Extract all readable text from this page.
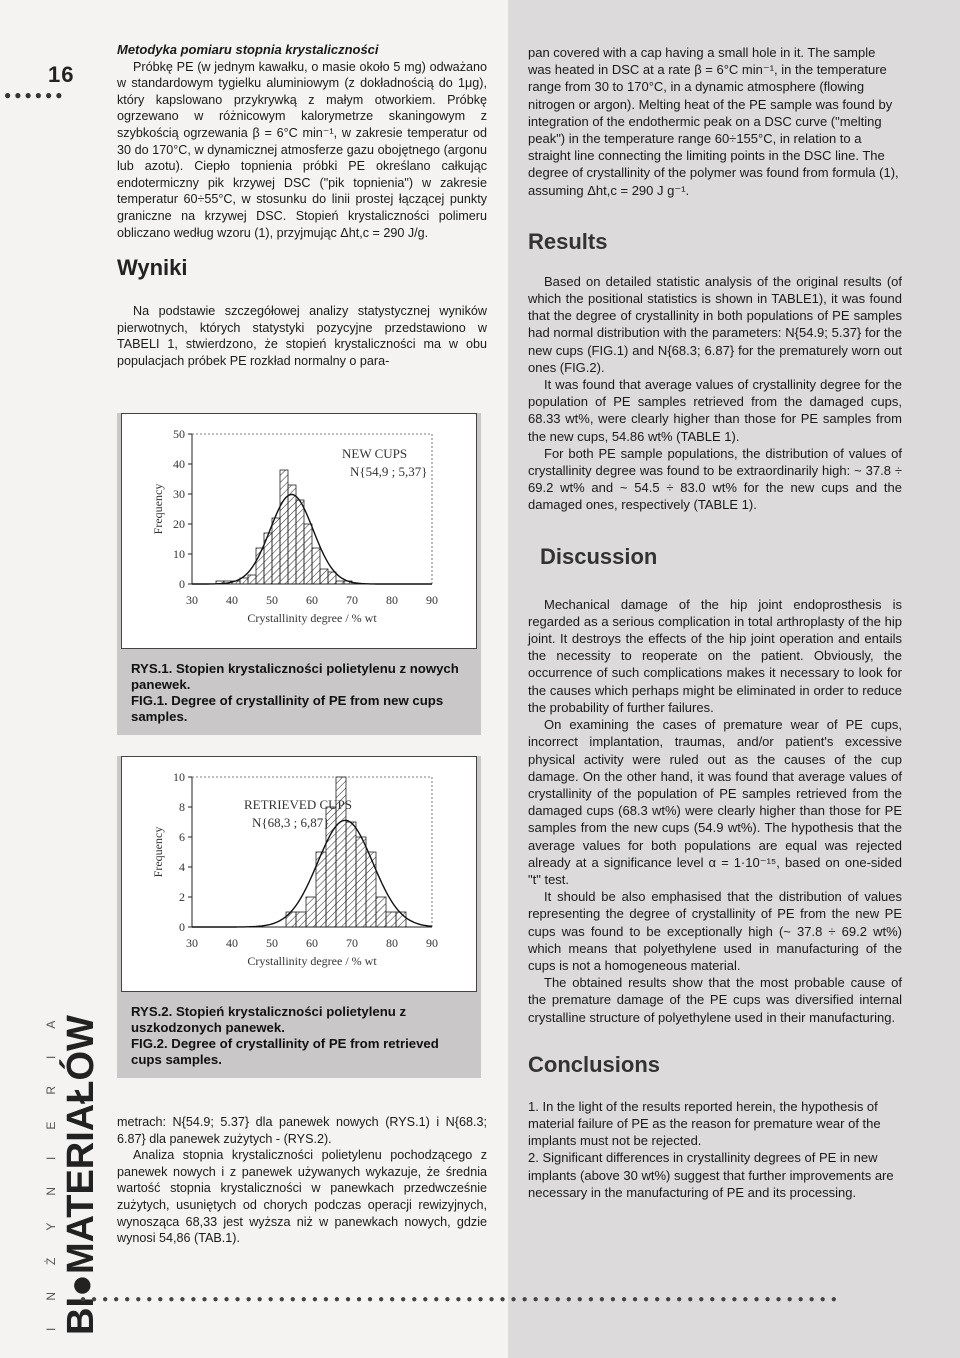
16
●●●●●●
INŻYNIERIA BI●MATERIAŁÓW
●●●●●●●●●●●●●●●●●●●●●●●●●●●●●●●●●●●●●●●●●●●●●●●●●●●●●●●●●●●●●●●●●●●●●

Metodyka pomiaru stopnia krystaliczności

Próbkę PE (w jednym kawałku, o masie około 5 mg) odważano w standardowym tygielku aluminiowym (z dokładnością do 1μg), który kapslowano przykrywką z małym otworkiem. Próbkę ogrzewano w różnicowym kalorymetrze skaningowym z szybkością ogrzewania β = 6°C min⁻¹, w zakresie temperatur od 30 do 170°C, w dynamicznej atmosferze gazu obojętnego (argonu lub azotu). Ciepło topnienia próbki PE określano całkując endotermiczny pik krzywej DSC ("pik topnienia") w zakresie temperatur 60÷55°C, w stosunku do linii prostej łączącej punkty graniczne na krzywej DSC. Stopień krystaliczności polimeru obliczano według wzoru (1), przyjmując Δht,c = 290 J/g.

Wyniki

Na podstawie szczegółowej analizy statystycznej wyników pierwotnych, których statystyki pozycyjne przedstawiono w TABELI 1, stwierdzono, że stopień krystaliczności ma w obu populacjach próbek PE rozkład normalny o para-

0
10
20
30
40
50
30 40 50 60 70 80 90
Crystallinity degree / % wt
Frequency
NEW CUPS
N{54,9 ; 5,37}
RYS.1. Stopien krystaliczności polietylenu z nowych panewek.
FIG.1. Degree of crystallinity of PE from new cups samples.
0
2
4
6
8
10
30 40 50 60 70 80 90
Crystallinity degree / % wt
Frequency
RETRIEVED CUPS
N{68,3 ; 6,87}
RYS.2. Stopień krystaliczności polietylenu z uszkodzonych panewek.
FIG.2. Degree of crystallinity of PE from retrieved cups samples.

metrach: N{54.9; 5.37} dla panewek nowych (RYS.1) i N{68.3; 6.87} dla panewek zużytych - (RYS.2).

Analiza stopnia krystaliczności polietylenu pochodzącego z panewek nowych i z panewek używanych wykazuje, że średnia wartość stopnia krystaliczności w panewkach przedwcześnie zużytych, usuniętych od chorych podczas operacji rewizyjnych, wynosząca 68,33 jest wyższa niż w panewkach nowych, gdzie wynosi 54,86 (TAB.1).

pan covered with a cap having a small hole in it. The sample was heated in DSC at a rate β = 6°C min⁻¹, in the temperature range from 30 to 170°C, in a dynamic atmosphere (flowing nitrogen or argon). Melting heat of the PE sample was found by integration of the endothermic peak on a DSC curve ("melting peak") in the temperature range 60÷155°C, in relation to a straight line connecting the limiting points in the DSC line. The degree of crystallinity of the polymer was found from formula (1), assuming Δht,c = 290 J g⁻¹.

Results

Based on detailed statistic analysis of the original results (of which the positional statistics is shown in TABLE1), it was found that the degree of crystallinity in both populations of PE samples had normal distribution with the parameters: N{54.9; 5.37} for the new cups (FIG.1) and N{68.3; 6.87} for the prematurely worn out ones (FIG.2).

It was found that average values of crystallinity degree for the population of PE samples retrieved from the damaged cups, 68.33 wt%, were clearly higher than those for PE samples from the new cups, 54.86 wt% (TABLE 1).

For both PE sample populations, the distribution of values of crystallinity degree was found to be extraordinarily high: ~ 37.8 ÷ 69.2 wt% and ~ 54.5 ÷ 83.0 wt% for the new cups and the damaged ones, respectively (TABLE 1).

Discussion

Mechanical damage of the hip joint endoprosthesis is regarded as a serious complication in total arthroplasty of the hip joint. It destroys the effects of the hip joint operation and entails the necessity to reoperate on the patient. Obviously, the occurrence of such complications makes it necessary to look for the causes which perhaps might be eliminated in order to reduce the probability of further failures.

On examining the cases of premature wear of PE cups, incorrect implantation, traumas, and/or patient's excessive physical activity were ruled out as the causes of the cup damage. On the other hand, it was found that average values of crystallinity of the population of PE samples retrieved from the damaged cups (68.3 wt%) were clearly higher than those for PE samples from the new cups (54.9 wt%). The hypothesis that the average values for both populations are equal was rejected already at a significance level α = 1·10⁻¹⁵, based on one-sided "t" test.

It should be also emphasised that the distribution of values representing the degree of crystallinity of PE from the new PE cups was found to be exceptionally high (~ 37.8 ÷ 69.2 wt%) which means that polyethylene used in manufacturing of the cups is not a homogeneous material.

The obtained results show that the most probable cause of the premature damage of the PE cups was diversified internal crystalline structure of polyethylene used in their manufacturing.

Conclusions

1. In the light of the results reported herein, the hypothesis of material failure of PE as the reason for premature wear of the implants must not be rejected.

2. Significant differences in crystallinity degrees of PE in new implants (above 30 wt%) suggest that further improvements are necessary in the manufacturing of PE and its processing.
